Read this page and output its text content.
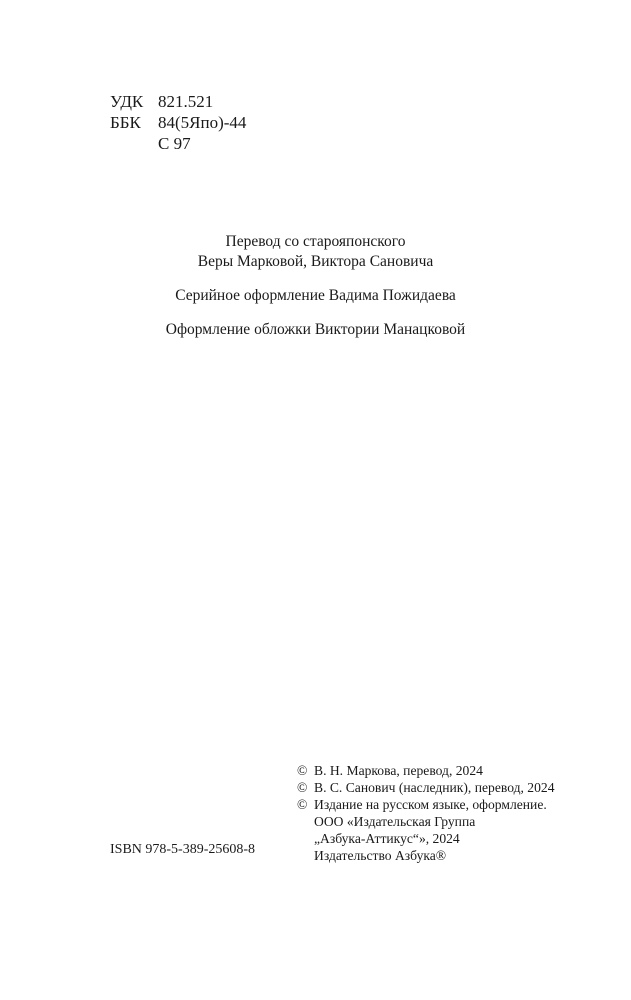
УДК 821.521
ББК	84(5Япо)-44
С 97
Перевод со старояпонского
Веры Марковой, Виктора Сановича
Серийное оформление Вадима Пожидаева
Оформление обложки Виктории Манацковой
ISBN 978-5-389-25608-8
© В. Н. Маркова, перевод, 2024
© В. С. Санович (наследник), перевод, 2024
© Издание на русском языке, оформление.
ООО «Издательская Группа
„Азбука-Аттикус“», 2024
Издательство Азбука®
